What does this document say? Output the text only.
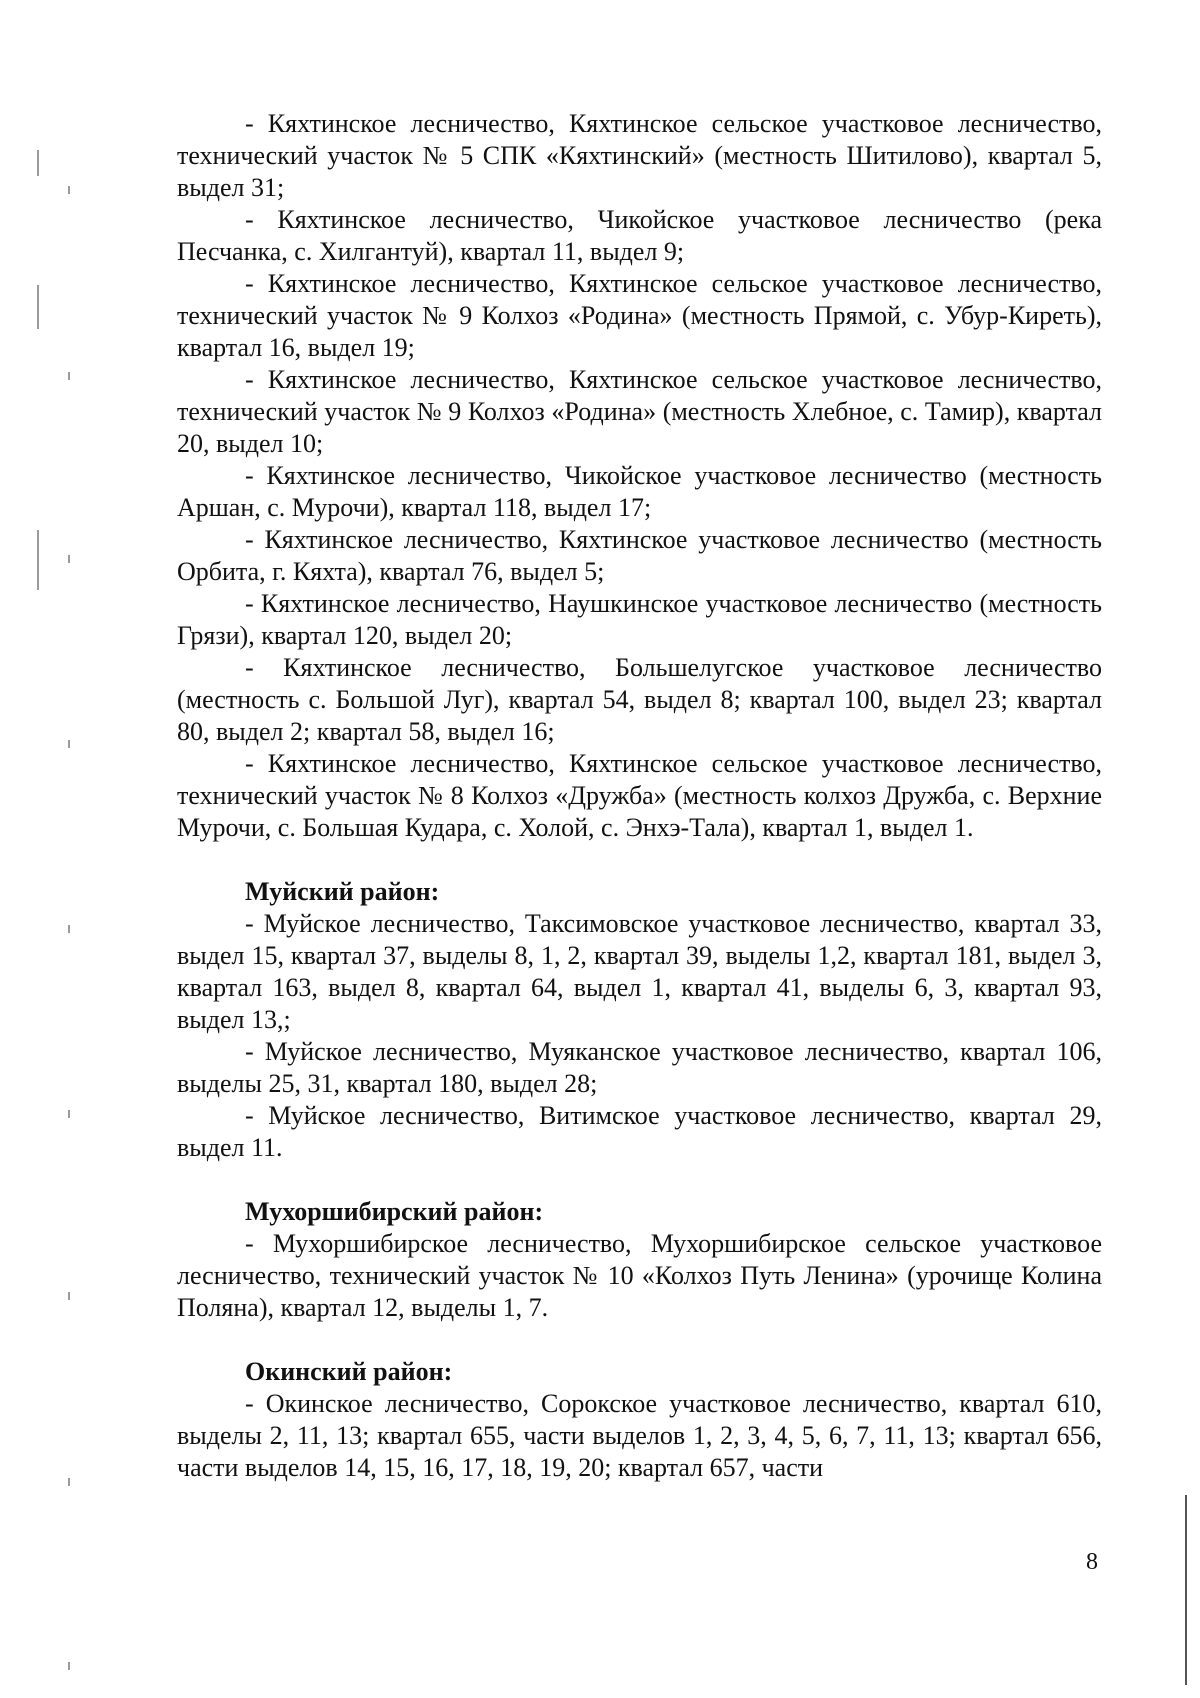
- Кяхтинское лесничество, Кяхтинское сельское участковое лесничество, технический участок № 5 СПК «Кяхтинский» (местность Шитилово), квартал 5, выдел 31;

- Кяхтинское лесничество, Чикойское участковое лесничество (река Песчанка, с. Хилгантуй), квартал 11, выдел 9;

- Кяхтинское лесничество, Кяхтинское сельское участковое лесничество, технический участок № 9 Колхоз «Родина» (местность Прямой, с. Убур-Киреть), квартал 16, выдел 19;

- Кяхтинское лесничество, Кяхтинское сельское участковое лесничество, технический участок № 9 Колхоз «Родина» (местность Хлебное, с. Тамир), квартал 20, выдел 10;

- Кяхтинское лесничество, Чикойское участковое лесничество (местность Аршан, с. Мурочи), квартал 118, выдел 17;

- Кяхтинское лесничество, Кяхтинское участковое лесничество (местность Орбита, г. Кяхта), квартал 76, выдел 5;

- Кяхтинское лесничество, Наушкинское участковое лесничество (местность Грязи), квартал 120, выдел 20;

- Кяхтинское лесничество, Большелугское участковое лесничество (местность с. Большой Луг), квартал 54, выдел 8; квартал 100, выдел 23; квартал 80, выдел 2; квартал 58, выдел 16;

- Кяхтинское лесничество, Кяхтинское сельское участковое лесничество, технический участок № 8 Колхоз «Дружба» (местность колхоз Дружба, с. Верхние Мурочи, с. Большая Кудара, с. Холой, с. Энхэ-Тала), квартал 1, выдел 1.

Муйский район:

- Муйское лесничество, Таксимовское участковое лесничество, квартал 33, выдел 15, квартал 37, выделы 8, 1, 2, квартал 39, выделы 1,2, квартал 181, выдел 3, квартал 163, выдел 8, квартал 64, выдел 1, квартал 41, выделы 6, 3, квартал 93, выдел 13,;

- Муйское лесничество, Муяканское участковое лесничество, квартал 106, выделы 25, 31, квартал 180, выдел 28;

- Муйское лесничество, Витимское участковое лесничество, квартал 29, выдел 11.

Мухоршибирский район:

- Мухоршибирское лесничество, Мухоршибирское сельское участковое лесничество, технический участок № 10 «Колхоз Путь Ленина» (урочище Колина Поляна), квартал 12, выделы 1, 7.

Окинский район:

- Окинское лесничество, Сорокское участковое лесничество, квартал 610, выделы 2, 11, 13; квартал 655, части выделов 1, 2, 3, 4, 5, 6, 7, 11, 13; квартал 656, части выделов 14, 15, 16, 17, 18, 19, 20; квартал 657, части

8
